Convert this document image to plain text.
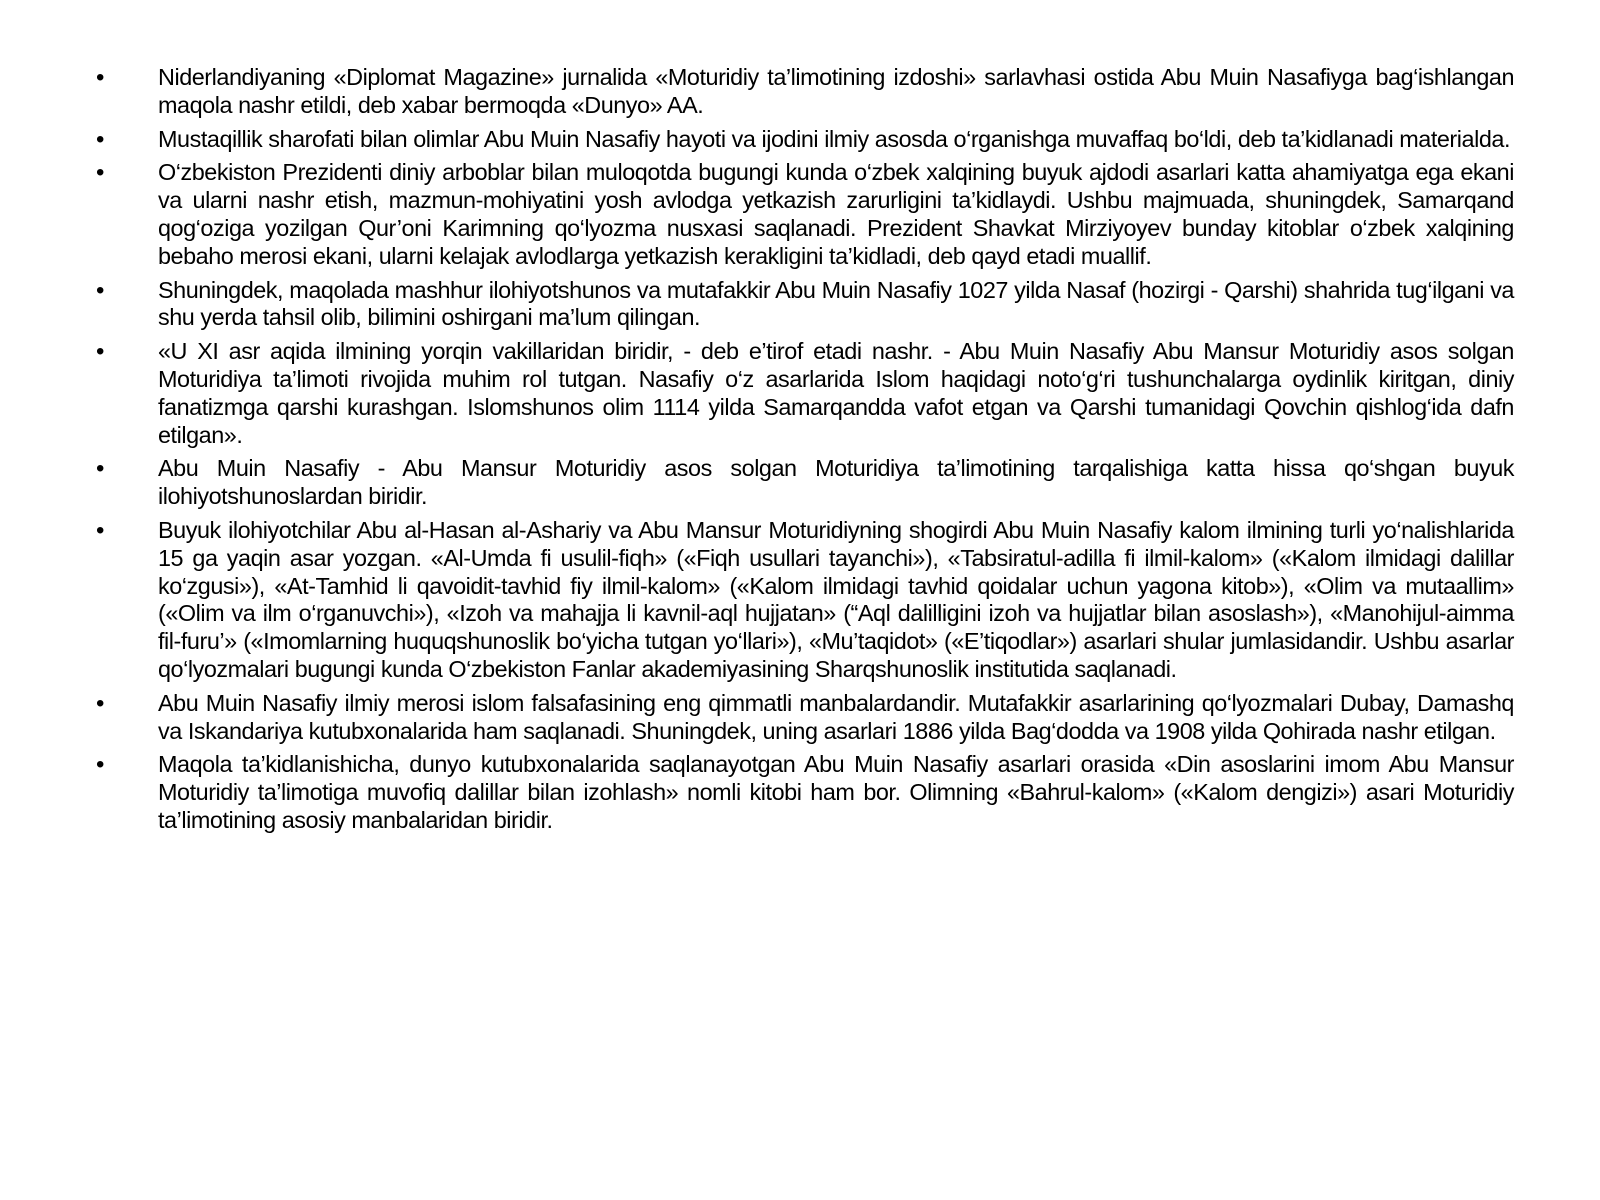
•	Niderlandiyaning «Diplomat Magazine» jurnalida «Moturidiy ta’limotining izdoshi» sarlavhasi ostida Abu Muin Nasafiyga bag‘ishlangan maqola nashr etildi, deb xabar bermoqda «Dunyo» AA.
•	Mustaqillik sharofati bilan olimlar Abu Muin Nasafiy hayoti va ijodini ilmiy asosda o‘rganishga muvaffaq bo‘ldi, deb ta’kidlanadi materialda.
•	O‘zbekiston Prezidenti diniy arboblar bilan muloqotda bugungi kunda o‘zbek xalqining buyuk ajdodi asarlari katta ahamiyatga ega ekani va ularni nashr etish, mazmun-mohiyatini yosh avlodga yetkazish zarurligini ta’kidlaydi. Ushbu majmuada, shuningdek, Samarqand qog‘oziga yozilgan Qur’oni Karimning qo‘lyozma nusxasi saqlanadi. Prezident Shavkat Mirziyoyev bunday kitoblar o‘zbek xalqining bebaho merosi ekani, ularni kelajak avlodlarga yetkazish kerakligini ta’kidladi, deb qayd etadi muallif.
•	Shuningdek, maqolada mashhur ilohiyotshunos va mutafakkir Abu Muin Nasafiy 1027 yilda Nasaf (hozirgi - Qarshi) shahrida tug‘ilgani va shu yerda tahsil olib, bilimini oshirgani ma’lum qilingan.
•	«U XI asr aqida ilmining yorqin vakillaridan biridir, - deb e’tirof etadi nashr. - Abu Muin Nasafiy Abu Mansur Moturidiy asos solgan Moturidiya ta’limoti rivojida muhim rol tutgan. Nasafiy o‘z asarlarida Islom haqidagi noto‘g‘ri tushunchalarga oydinlik kiritgan, diniy fanatizmga qarshi kurashgan. Islomshunos olim 1114 yilda Samarqandda vafot etgan va Qarshi tumanidagi Qovchin qishlog‘ida dafn etilgan».
•	Abu Muin Nasafiy - Abu Mansur Moturidiy asos solgan Moturidiya ta’limotining tarqalishiga katta hissa qo‘shgan buyuk ilohiyotshunoslardan biridir.
•	Buyuk ilohiyotchilar Abu al-Hasan al-Ashariy va Abu Mansur Moturidiyning shogirdi Abu Muin Nasafiy kalom ilmining turli yo‘nalishlarida 15 ga yaqin asar yozgan. «Al-Umda fi usulil-fiqh» («Fiqh usullari tayanchi»), «Tabsiratul-adilla fi ilmil-kalom» («Kalom ilmidagi dalillar ko‘zgusi»), «At-Tamhid li qavoidit-tavhid fiy ilmil-kalom» («Kalom ilmidagi tavhid qoidalar uchun yagona kitob»), «Olim va mutaallim» («Olim va ilm o‘rganuvchi»), «Izoh va mahajja li kavnil-aql hujjatan» (“Aql dalilligini izoh va hujjatlar bilan asoslash»), «Manohijul-aimma fil-furu’» («Imomlarning huquqshunoslik bo‘yicha tutgan yo‘llari»), «Mu’taqidot» («E’tiqodlar») asarlari shular jumlasidandir. Ushbu asarlar qo‘lyozmalari bugungi kunda O‘zbekiston Fanlar akademiyasining Sharqshunoslik institutida saqlanadi.
•	Abu Muin Nasafiy ilmiy merosi islom falsafasining eng qimmatli manbalardandir. Mutafakkir asarlarining qo‘lyozmalari Dubay, Damashq va Iskandariya kutubxonalarida ham saqlanadi. Shuningdek, uning asarlari 1886 yilda Bag‘dodda va 1908 yilda Qohirada nashr etilgan.
•	Maqola ta’kidlanishicha, dunyo kutubxonalarida saqlanayotgan Abu Muin Nasafiy asarlari orasida «Din asoslarini imom Abu Mansur Moturidiy ta’limotiga muvofiq dalillar bilan izohlash» nomli kitobi ham bor. Olimning «Bahrul-kalom» («Kalom dengizi») asari Moturidiy ta’limotining asosiy manbalaridan biridir.
